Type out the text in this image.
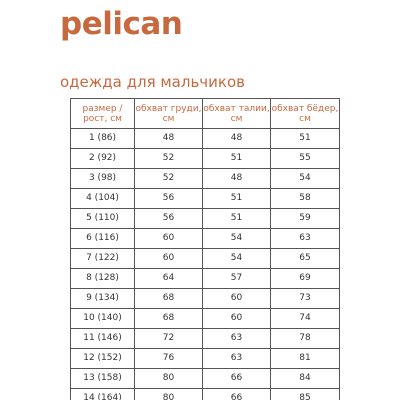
pelican
одежда для мальчиков
размер / рост, см	обхват груди, см	обхват талии, см	обхват бёдер, см
1 (86)	48	48	51
2 (92)	52	51	55
3 (98)	52	48	54
4 (104)	56	51	58
5 (110)	56	51	59
6 (116)	60	54	63
7 (122)	60	54	65
8 (128)	64	57	69
9 (134)	68	60	73
10 (140)	68	60	74
11 (146)	72	63	78
12 (152)	76	63	81
13 (158)	80	66	84
14 (164)	80	66	85
